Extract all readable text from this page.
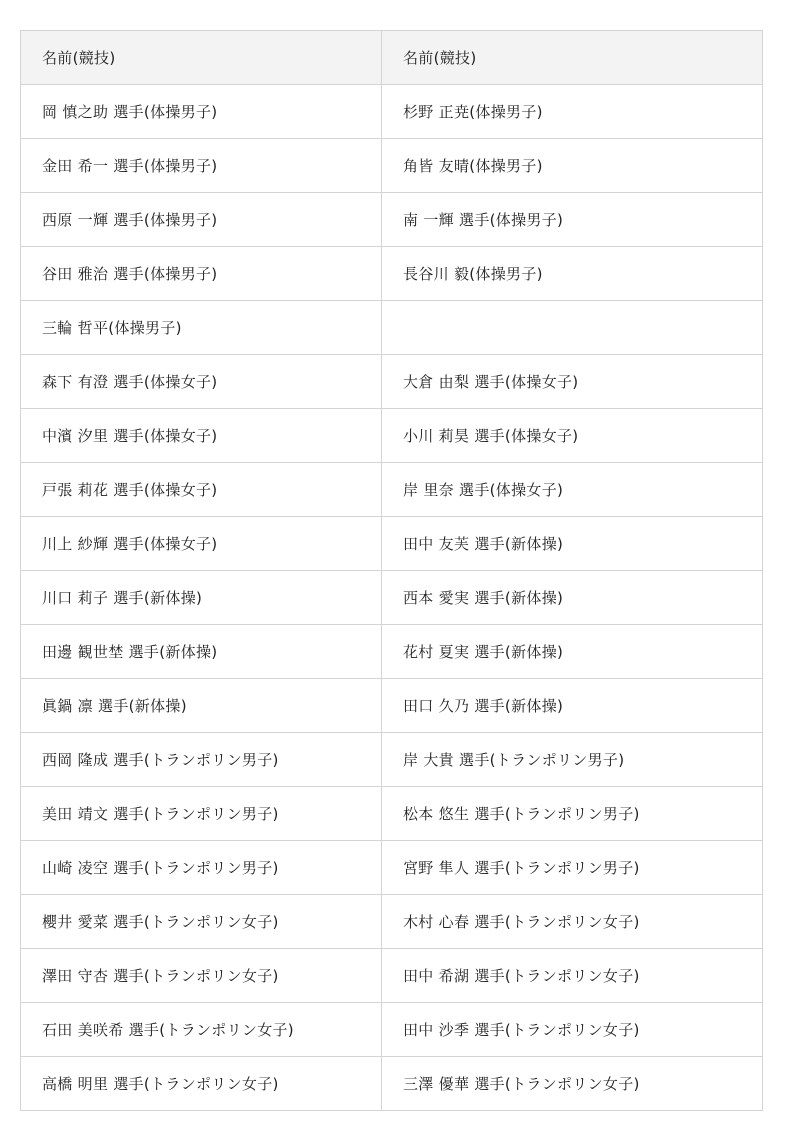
名前(競技)	名前(競技)
岡 慎之助 選手(体操男子)	杉野 正尭(体操男子)
金田 希一 選手(体操男子)	角皆 友晴(体操男子)
西原 一輝 選手(体操男子)	南 一輝 選手(体操男子)
谷田 雅治 選手(体操男子)	長谷川 毅(体操男子)
三輪 哲平(体操男子)	
森下 有澄 選手(体操女子)	大倉 由梨 選手(体操女子)
中濱 汐里 選手(体操女子)	小川 莉昊 選手(体操女子)
戸張 莉花 選手(体操女子)	岸 里奈 選手(体操女子)
川上 紗輝 選手(体操女子)	田中 友芙 選手(新体操)
川口 莉子 選手(新体操)	西本 愛実 選手(新体操)
田邊 観世埜 選手(新体操)	花村 夏実 選手(新体操)
眞鍋 凛 選手(新体操)	田口 久乃 選手(新体操)
西岡 隆成 選手(トランポリン男子)	岸 大貴 選手(トランポリン男子)
美田 靖文 選手(トランポリン男子)	松本 悠生 選手(トランポリン男子)
山崎 凌空 選手(トランポリン男子)	宮野 隼人 選手(トランポリン男子)
櫻井 愛菜 選手(トランポリン女子)	木村 心春 選手(トランポリン女子)
澤田 守杏 選手(トランポリン女子)	田中 希湖 選手(トランポリン女子)
石田 美咲希 選手(トランポリン女子)	田中 沙季 選手(トランポリン女子)
高橋 明里 選手(トランポリン女子)	三澤 優華 選手(トランポリン女子)
